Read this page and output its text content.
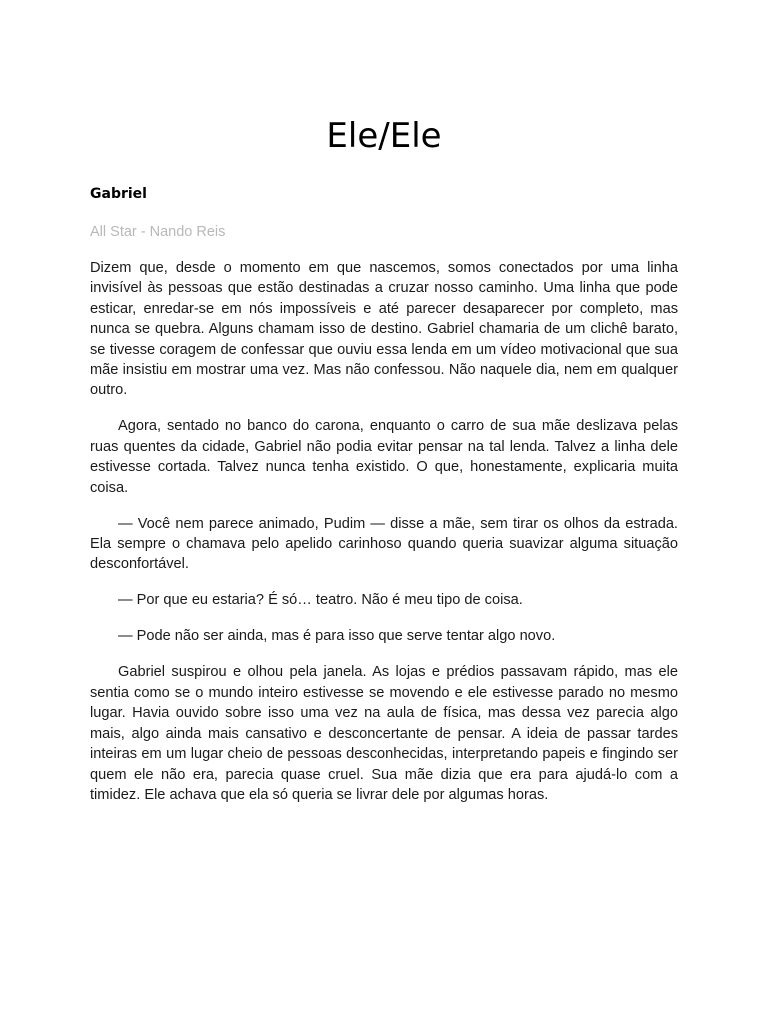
Ele/Ele
Gabriel
All Star - Nando Reis

Dizem que, desde o momento em que nascemos, somos conectados por uma linha invisível às pessoas que estão destinadas a cruzar nosso caminho. Uma linha que pode esticar, enredar-se em nós impossíveis e até parecer desaparecer por completo, mas nunca se quebra. Alguns chamam isso de destino. Gabriel chamaria de um clichê barato, se tivesse coragem de confessar que ouviu essa lenda em um vídeo motivacional que sua mãe insistiu em mostrar uma vez. Mas não confessou. Não naquele dia, nem em qualquer outro.

Agora, sentado no banco do carona, enquanto o carro de sua mãe deslizava pelas ruas quentes da cidade, Gabriel não podia evitar pensar na tal lenda. Talvez a linha dele estivesse cortada. Talvez nunca tenha existido. O que, honestamente, explicaria muita coisa.

— Você nem parece animado, Pudim — disse a mãe, sem tirar os olhos da estrada. Ela sempre o chamava pelo apelido carinhoso quando queria suavizar alguma situação desconfortável.

— Por que eu estaria? É só… teatro. Não é meu tipo de coisa.

— Pode não ser ainda, mas é para isso que serve tentar algo novo.

Gabriel suspirou e olhou pela janela. As lojas e prédios passavam rápido, mas ele sentia como se o mundo inteiro estivesse se movendo e ele estivesse parado no mesmo lugar. Havia ouvido sobre isso uma vez na aula de física, mas dessa vez parecia algo mais, algo ainda mais cansativo e desconcertante de pensar. A ideia de passar tardes inteiras em um lugar cheio de pessoas desconhecidas, interpretando papeis e fingindo ser quem ele não era, parecia quase cruel. Sua mãe dizia que era para ajudá-lo com a timidez. Ele achava que ela só queria se livrar dele por algumas horas.
